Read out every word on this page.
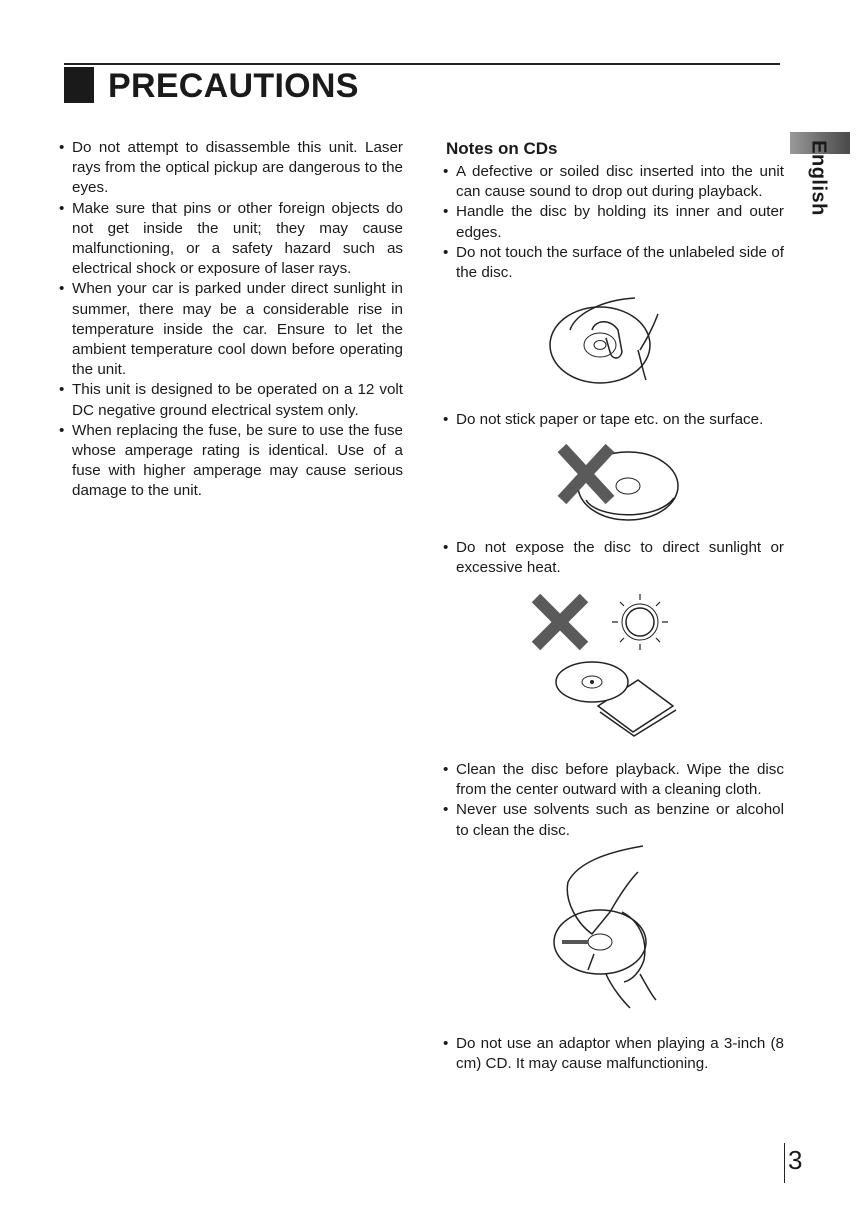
PRECAUTIONS
English
• Do not attempt to disassemble this unit. Laser rays from the optical pickup are dangerous to the eyes.
• Make sure that pins or other foreign objects do not get inside the unit; they may cause malfunctioning, or a safety hazard such as electrical shock or exposure of laser rays.
• When your car is parked under direct sunlight in summer, there may be a considerable rise in temperature inside the car. Ensure to let the ambient temperature cool down before operating the unit.
• This unit is designed to be operated on a 12 volt DC negative ground electrical system only.
• When replacing the fuse, be sure to use the fuse whose amperage rating is identical. Use of a fuse with higher amperage may cause serious damage to the unit.
Notes on CDs
• A defective or soiled disc inserted into the unit can cause sound to drop out during playback.
• Handle the disc by holding its inner and outer edges.
• Do not touch the surface of the unlabeled side of the disc.
• Do not stick paper or tape etc. on the surface.
• Do not expose the disc to direct sunlight or excessive heat.
• Clean the disc before playback. Wipe the disc from the center outward with a cleaning cloth.
• Never use solvents such as benzine or alcohol to clean the disc.
• Do not use an adaptor when playing a 3-inch (8 cm) CD. It may cause malfunctioning.
3
